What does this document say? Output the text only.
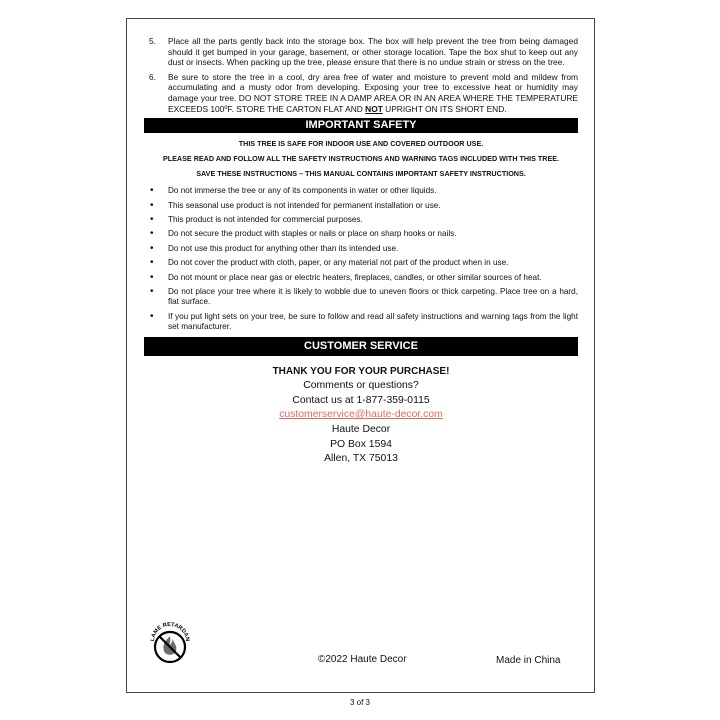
5. Place all the parts gently back into the storage box. The box will help prevent the tree from being damaged should it get bumped in your garage, basement, or other storage location. Tape the box shut to keep out any dust or insects. When packing up the tree, please ensure that there is no undue strain or stress on the tree.
6. Be sure to store the tree in a cool, dry area free of water and moisture to prevent mold and mildew from accumulating and a musty odor from developing. Exposing your tree to excessive heat or humidity may damage your tree. DO NOT STORE TREE IN A DAMP AREA OR IN AN AREA WHERE THE TEMPERATURE EXCEEDS 100ºF. STORE THE CARTON FLAT AND NOT UPRIGHT ON ITS SHORT END.
IMPORTANT SAFETY
THIS TREE IS SAFE FOR INDOOR USE AND COVERED OUTDOOR USE.
PLEASE READ AND FOLLOW ALL THE SAFETY INSTRUCTIONS AND WARNING TAGS INCLUDED WITH THIS TREE.
SAVE THESE INSTRUCTIONS – THIS MANUAL CONTAINS IMPORTANT SAFETY INSTRUCTIONS.
• Do not immerse the tree or any of its components in water or other liquids.
• This seasonal use product is not intended for permanent installation or use.
• This product is not intended for commercial purposes.
• Do not secure the product with staples or nails or place on sharp hooks or nails.
• Do not use this product for anything other than its intended use.
• Do not cover the product with cloth, paper, or any material not part of the product when in use.
• Do not mount or place near gas or electric heaters, fireplaces, candles, or other similar sources of heat.
• Do not place your tree where it is likely to wobble due to uneven floors or thick carpeting. Place tree on a hard, flat surface.
• If you put light sets on your tree, be sure to follow and read all safety instructions and warning tags from the light set manufacturer.
CUSTOMER SERVICE
THANK YOU FOR YOUR PURCHASE!
Comments or questions?
Contact us at 1-877-359-0115
customerservice@haute-decor.com
Haute Decor
PO Box 1594
Allen, TX 75013
LAME RETARDAN
©2022 Haute Decor	Made in China
3 of 3
